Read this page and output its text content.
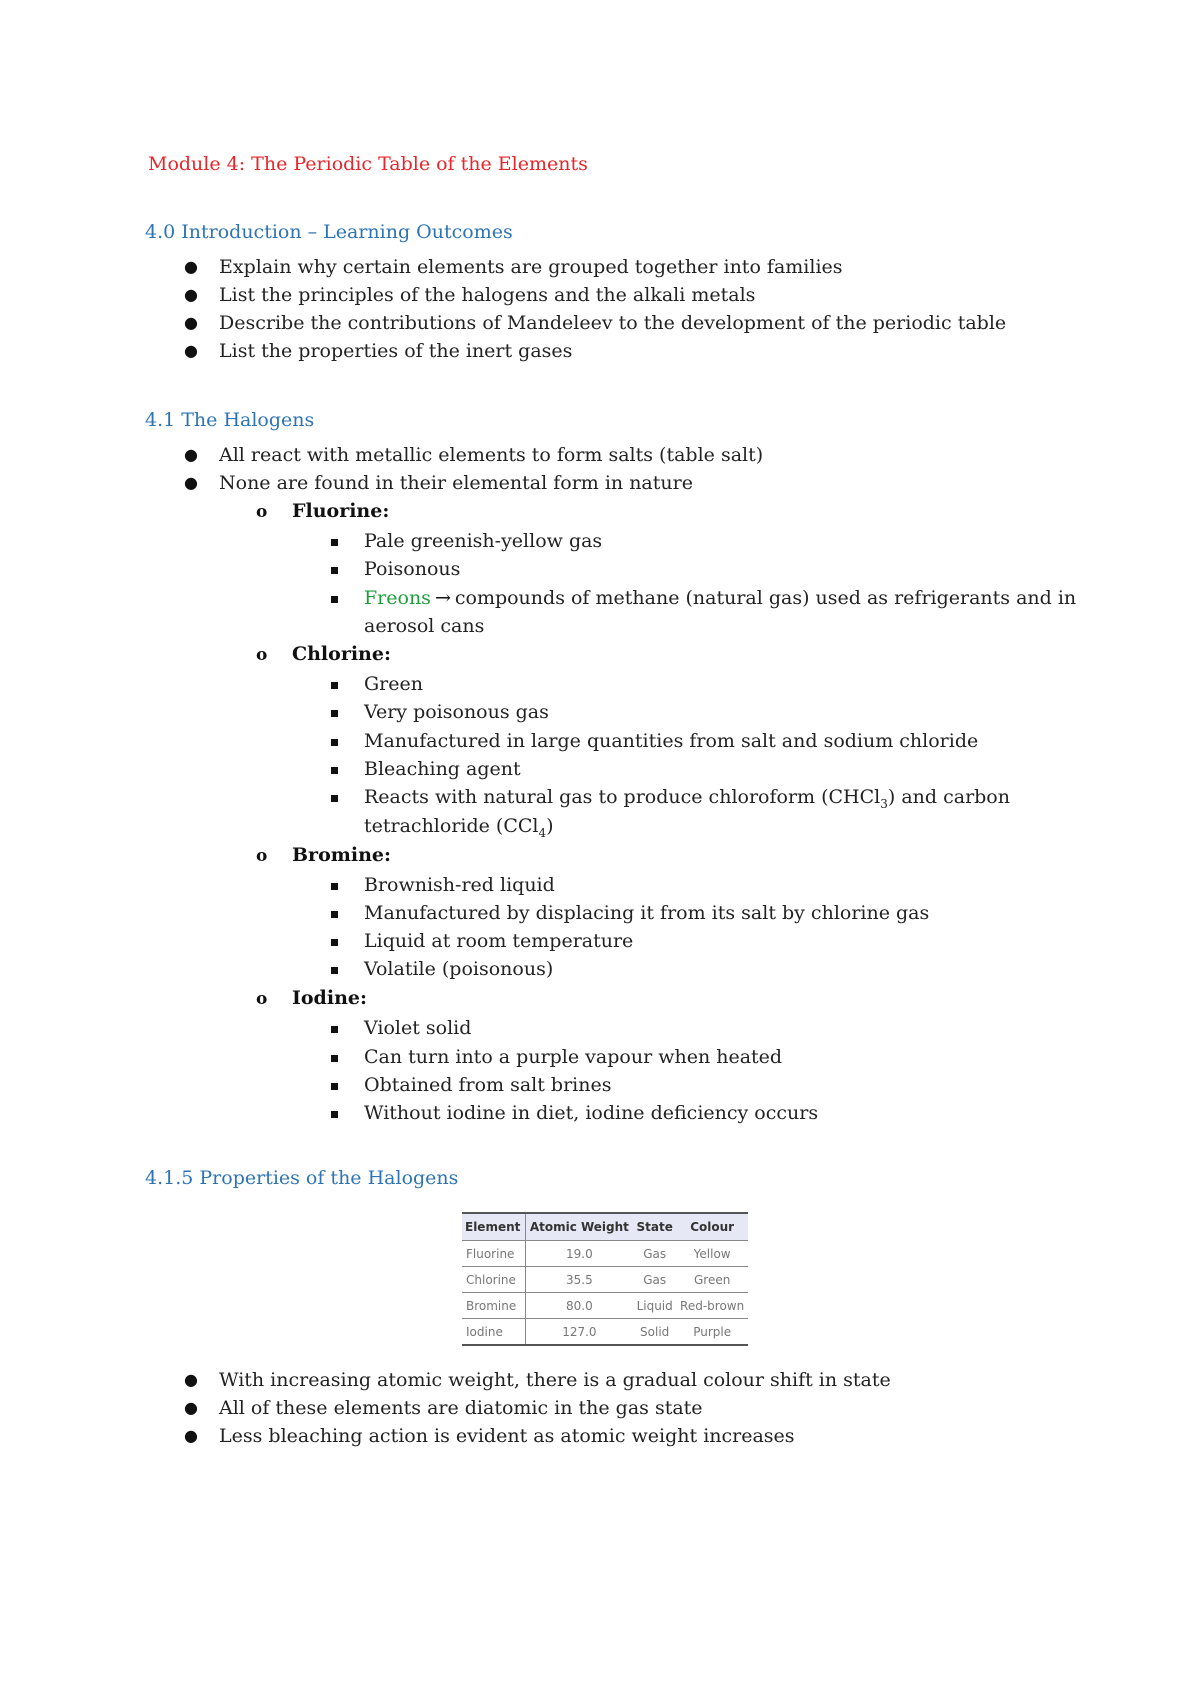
Module 4: The Periodic Table of the Elements
4.0 Introduction – Learning Outcomes
● Explain why certain elements are grouped together into families
● List the principles of the halogens and the alkali metals
● Describe the contributions of Mandeleev to the development of the periodic table
● List the properties of the inert gases
4.1 The Halogens
● All react with metallic elements to form salts (table salt)
● None are found in their elemental form in nature
o Fluorine:
Pale greenish-yellow gas
Poisonous
Freons → compounds of methane (natural gas) used as refrigerants and in
aerosol cans
o Chlorine:
Green
Very poisonous gas
Manufactured in large quantities from salt and sodium chloride
Bleaching agent
Reacts with natural gas to produce chloroform (CHCl$_3$) and carbon
tetrachloride (CCl$_4$)
o Bromine:
Brownish-red liquid
Manufactured by displacing it from its salt by chlorine gas
Liquid at room temperature
Volatile (poisonous)
o Iodine:
Violet solid
Can turn into a purple vapour when heated
Obtained from salt brines
Without iodine in diet, iodine deficiency occurs
4.1.5 Properties of the Halogens
Element	Atomic Weight	State	Colour
Fluorine	19.0	Gas	Yellow
Chlorine	35.5	Gas	Green
Bromine	80.0	Liquid	Red-brown
Iodine	127.0	Solid	Purple
● With increasing atomic weight, there is a gradual colour shift in state
● All of these elements are diatomic in the gas state
● Less bleaching action is evident as atomic weight increases
